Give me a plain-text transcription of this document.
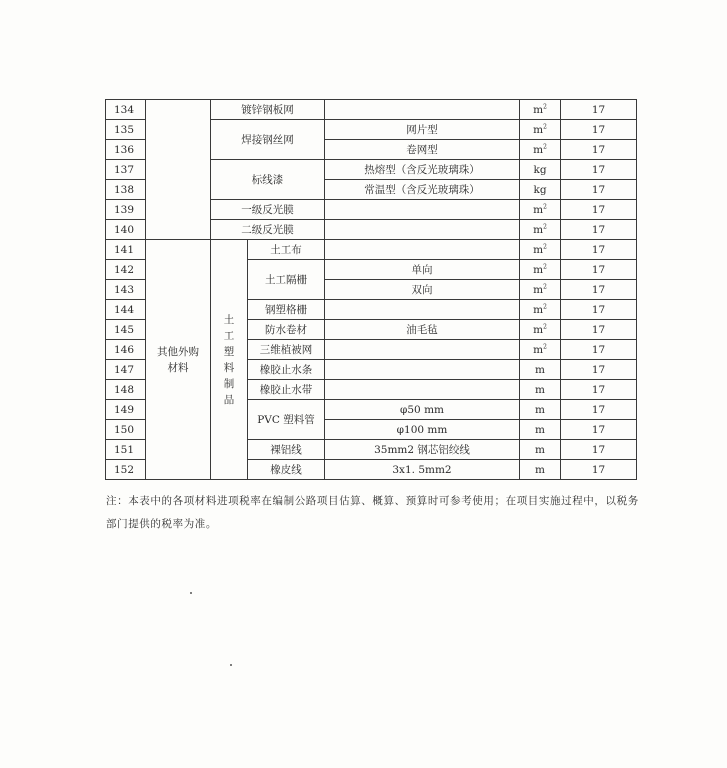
134		镀锌钢板网			$m^2$	17
135		焊接钢丝网		网片型	$m^2$	17
136				卷网型	$m^2$	17
137		标线漆		热熔型（含反光玻璃珠）	kg	17
138				常温型（含反光玻璃珠）	kg	17
139		一级反光膜			$m^2$	17
140		二级反光膜			$m^2$	17
141	其他外购材料	土工塑料制品	土工布		$m^2$	17
142			土工隔栅	单向	$m^2$	17
143				双向	$m^2$	17
144			钢塑格栅		$m^2$	17
145			防水卷材	油毛毡	$m^2$	17
146			三维植被网		$m^2$	17
147			橡胶止水条		m	17
148			橡胶止水带		m	17
149			PVC 塑料管	φ50 mm	m	17
150				φ100 mm	m	17
151			裸铝线	35mm2 钢芯铝绞线	m	17
152			橡皮线	3x1. 5mm2	m	17
注：本表中的各项材料进项税率在编制公路项目估算、概算、预算时可参考使用；在项目实施过程中，以税务部门提供的税率为准。
